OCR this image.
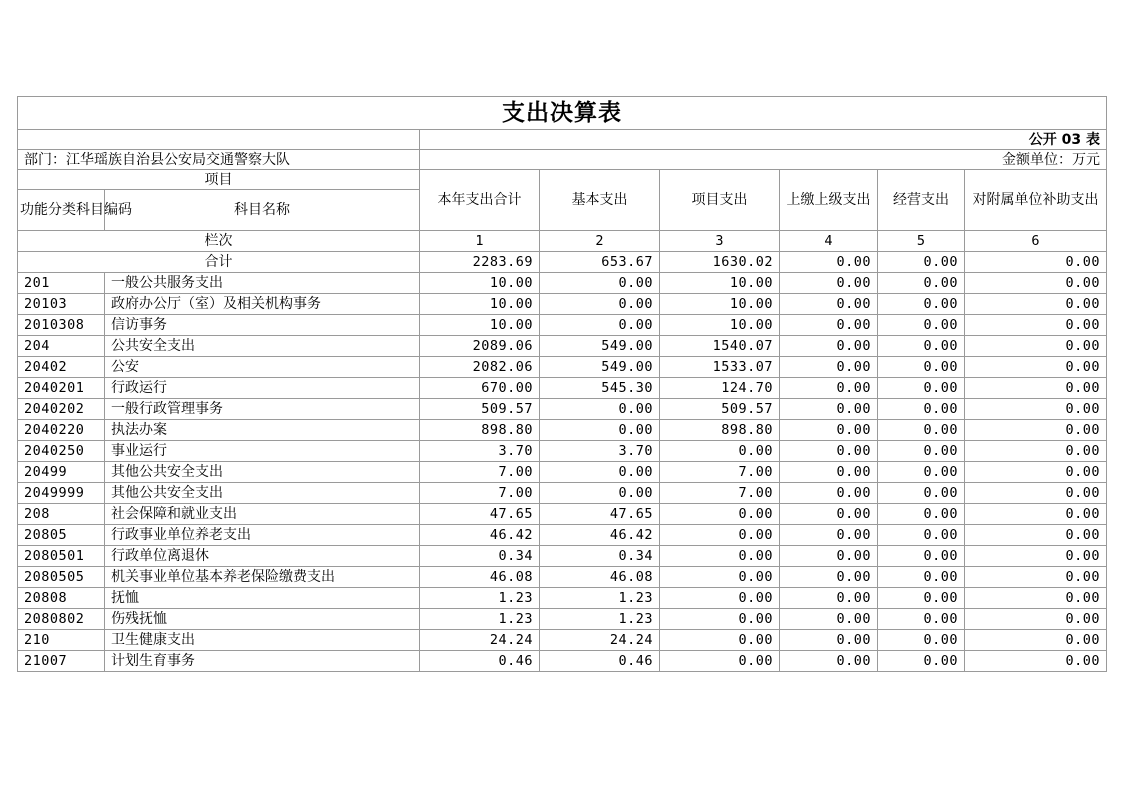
支出决算表							
		公开 03 表					
部门：江华瑶族自治县公安局交通警察大队		金额单位：万元					
项目		本年支出合计	基本支出	项目支出	上缴上级支出	经营支出	对附属单位补助支出
功能分类科目编码	科目名称						
栏次		1	2	3	4	5	6
合计		2283.69	653.67	1630.02	0.00	0.00	0.00
201	一般公共服务支出	10.00	0.00	10.00	0.00	0.00	0.00
20103	政府办公厅（室）及相关机构事务	10.00	0.00	10.00	0.00	0.00	0.00
2010308	信访事务	10.00	0.00	10.00	0.00	0.00	0.00
204	公共安全支出	2089.06	549.00	1540.07	0.00	0.00	0.00
20402	公安	2082.06	549.00	1533.07	0.00	0.00	0.00
2040201	行政运行	670.00	545.30	124.70	0.00	0.00	0.00
2040202	一般行政管理事务	509.57	0.00	509.57	0.00	0.00	0.00
2040220	执法办案	898.80	0.00	898.80	0.00	0.00	0.00
2040250	事业运行	3.70	3.70	0.00	0.00	0.00	0.00
20499	其他公共安全支出	7.00	0.00	7.00	0.00	0.00	0.00
2049999	其他公共安全支出	7.00	0.00	7.00	0.00	0.00	0.00
208	社会保障和就业支出	47.65	47.65	0.00	0.00	0.00	0.00
20805	行政事业单位养老支出	46.42	46.42	0.00	0.00	0.00	0.00
2080501	行政单位离退休	0.34	0.34	0.00	0.00	0.00	0.00
2080505	机关事业单位基本养老保险缴费支出	46.08	46.08	0.00	0.00	0.00	0.00
20808	抚恤	1.23	1.23	0.00	0.00	0.00	0.00
2080802	伤残抚恤	1.23	1.23	0.00	0.00	0.00	0.00
210	卫生健康支出	24.24	24.24	0.00	0.00	0.00	0.00
21007	计划生育事务	0.46	0.46	0.00	0.00	0.00	0.00
